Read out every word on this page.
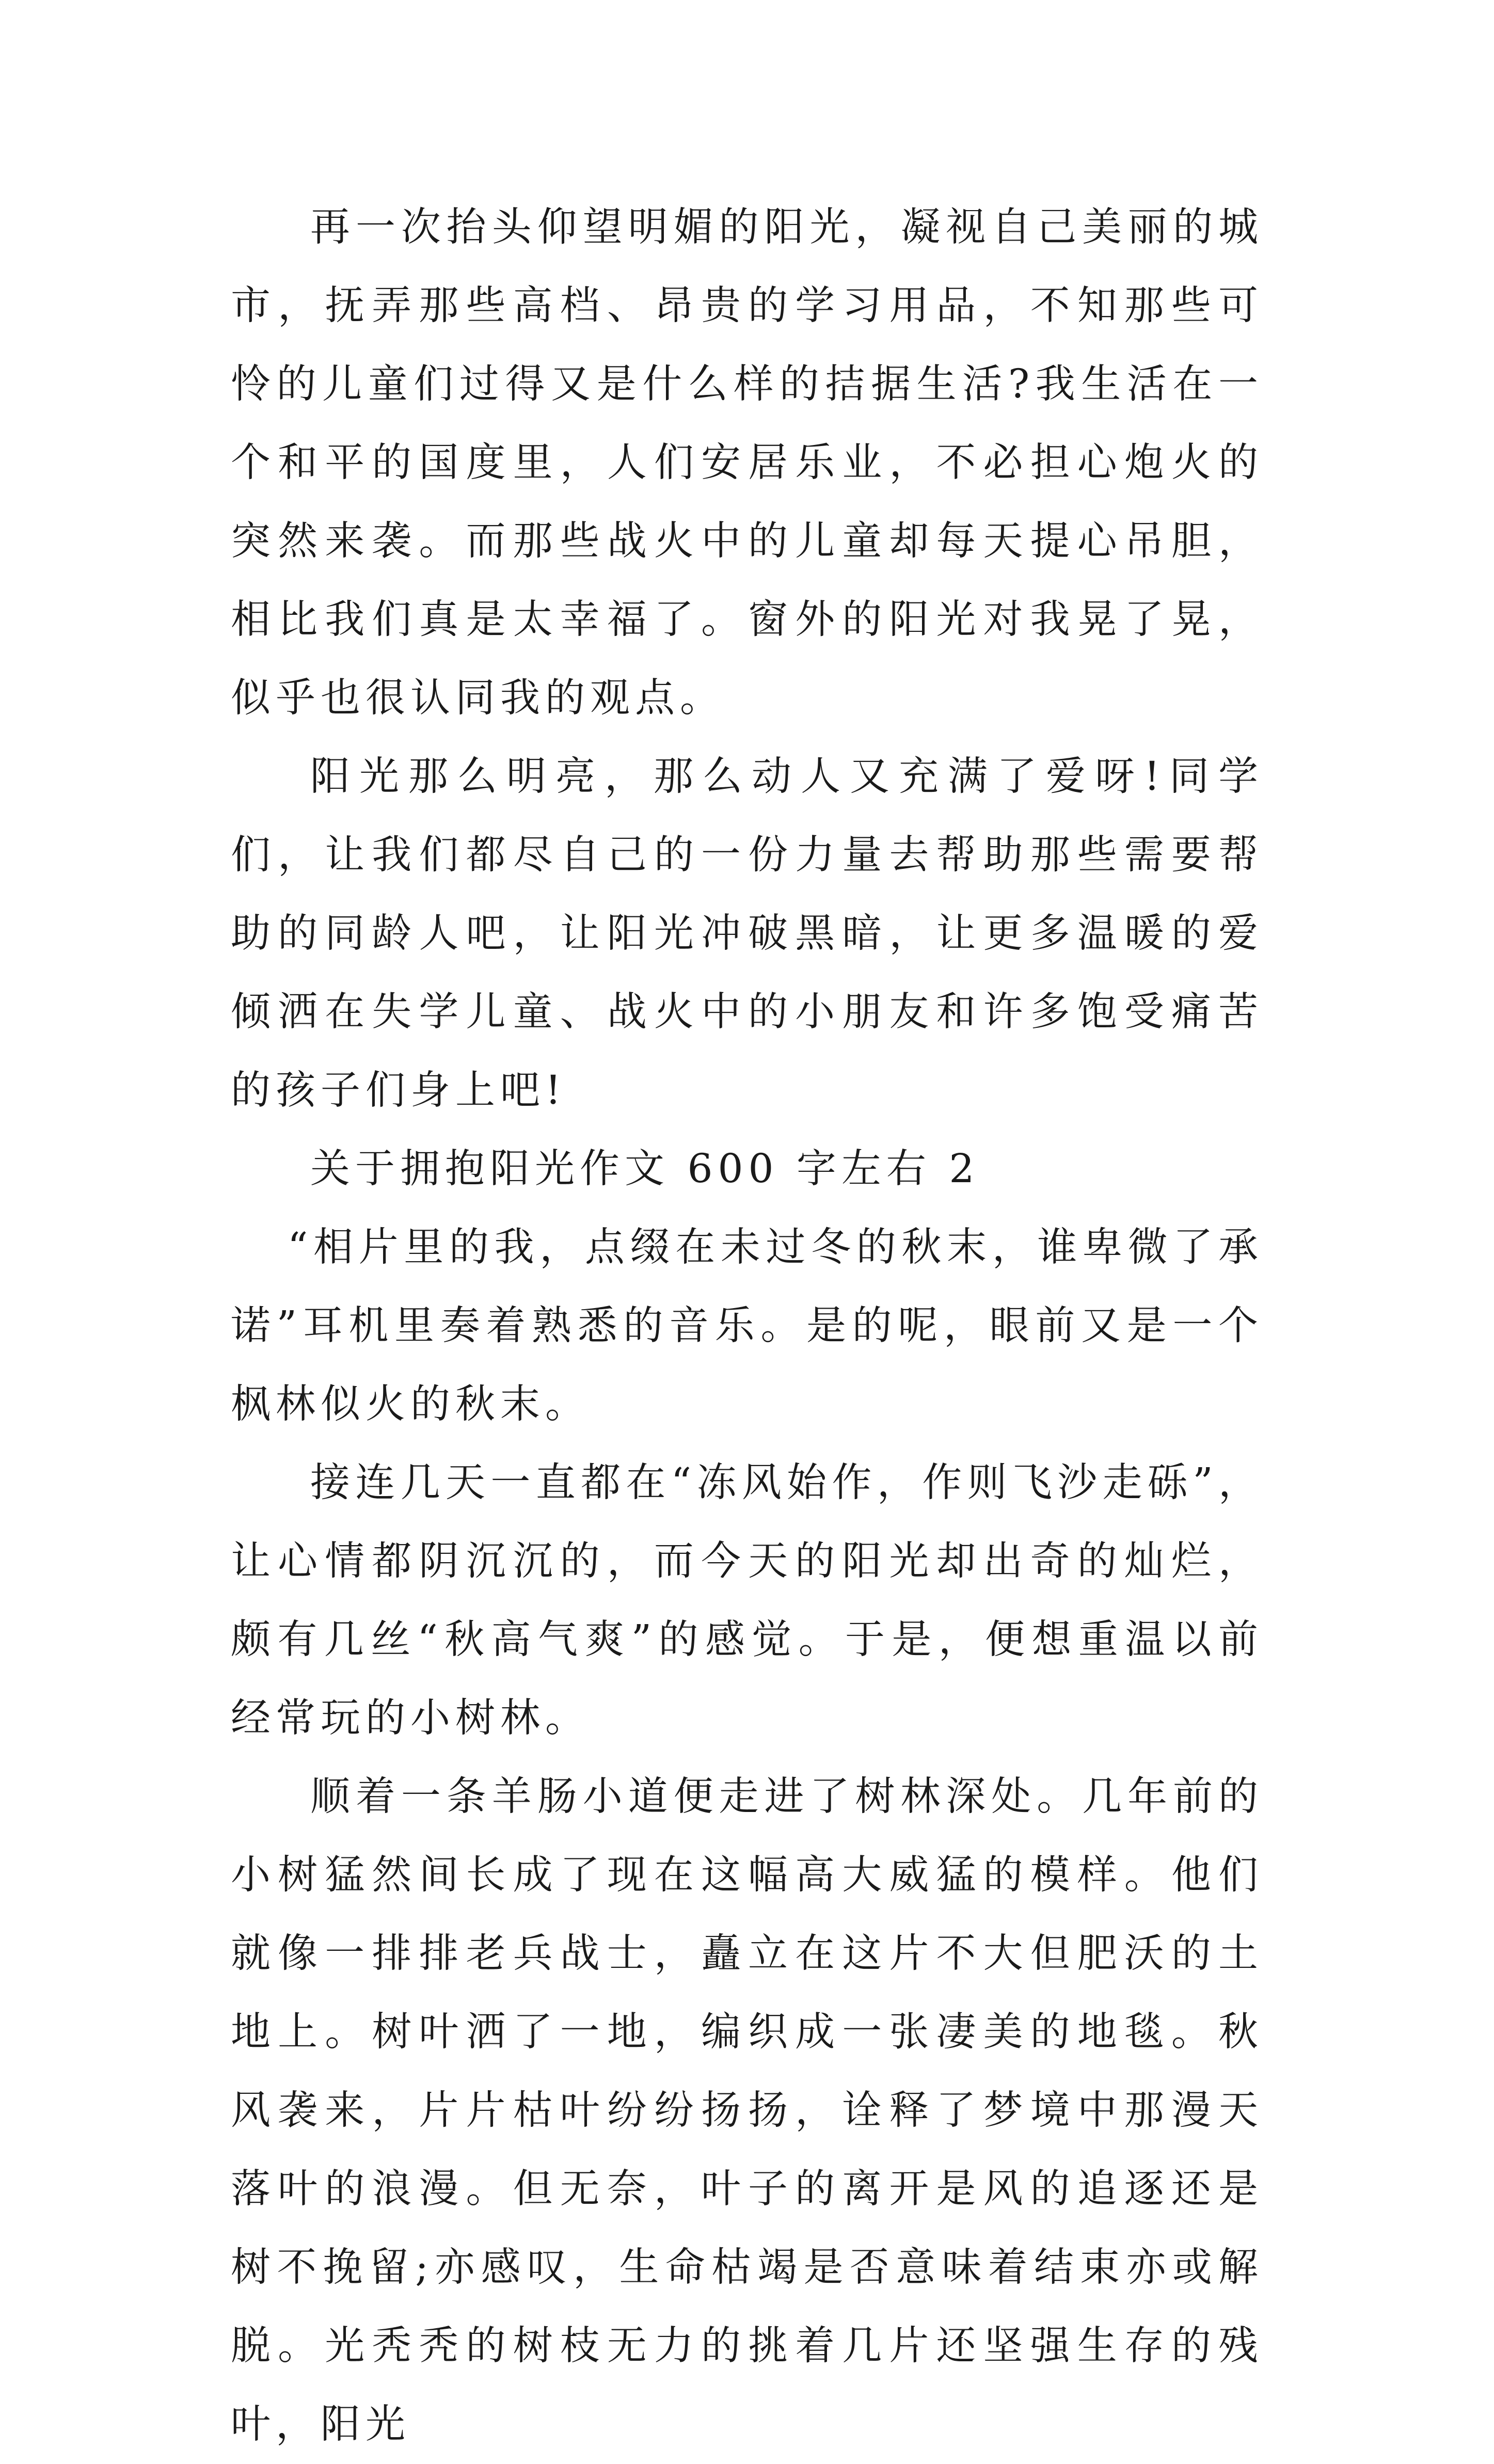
再一次抬头仰望明媚的阳光，凝视自己美丽的城市，抚弄那些高档、昂贵的学习用品，不知那些可怜的儿童们过得又是什么样的拮据生活?我生活在一个和平的国度里，人们安居乐业，不必担心炮火的突然来袭。而那些战火中的儿童却每天提心吊胆，相比我们真是太幸福了。窗外的阳光对我晃了晃，似乎也很认同我的观点。

阳光那么明亮，那么动人又充满了爱呀!同学们，让我们都尽自己的一份力量去帮助那些需要帮助的同龄人吧，让阳光冲破黑暗，让更多温暖的爱倾洒在失学儿童、战火中的小朋友和许多饱受痛苦的孩子们身上吧!

关于拥抱阳光作文 600 字左右 2

“相片里的我，点缀在未过冬的秋末，谁卑微了承诺”耳机里奏着熟悉的音乐。是的呢，眼前又是一个枫林似火的秋末。

接连几天一直都在“冻风始作，作则飞沙走砾”，让心情都阴沉沉的，而今天的阳光却出奇的灿烂，颇有几丝“秋高气爽”的感觉。于是，便想重温以前经常玩的小树林。

顺着一条羊肠小道便走进了树林深处。几年前的小树猛然间长成了现在这幅高大威猛的模样。他们就像一排排老兵战士，矗立在这片不大但肥沃的土地上。树叶洒了一地，编织成一张凄美的地毯。秋风袭来，片片枯叶纷纷扬扬，诠释了梦境中那漫天落叶的浪漫。但无奈，叶子的离开是风的追逐还是树不挽留;亦感叹，生命枯竭是否意味着结束亦或解脱。光秃秃的树枝无力的挑着几片还坚强生存的残叶，阳光
